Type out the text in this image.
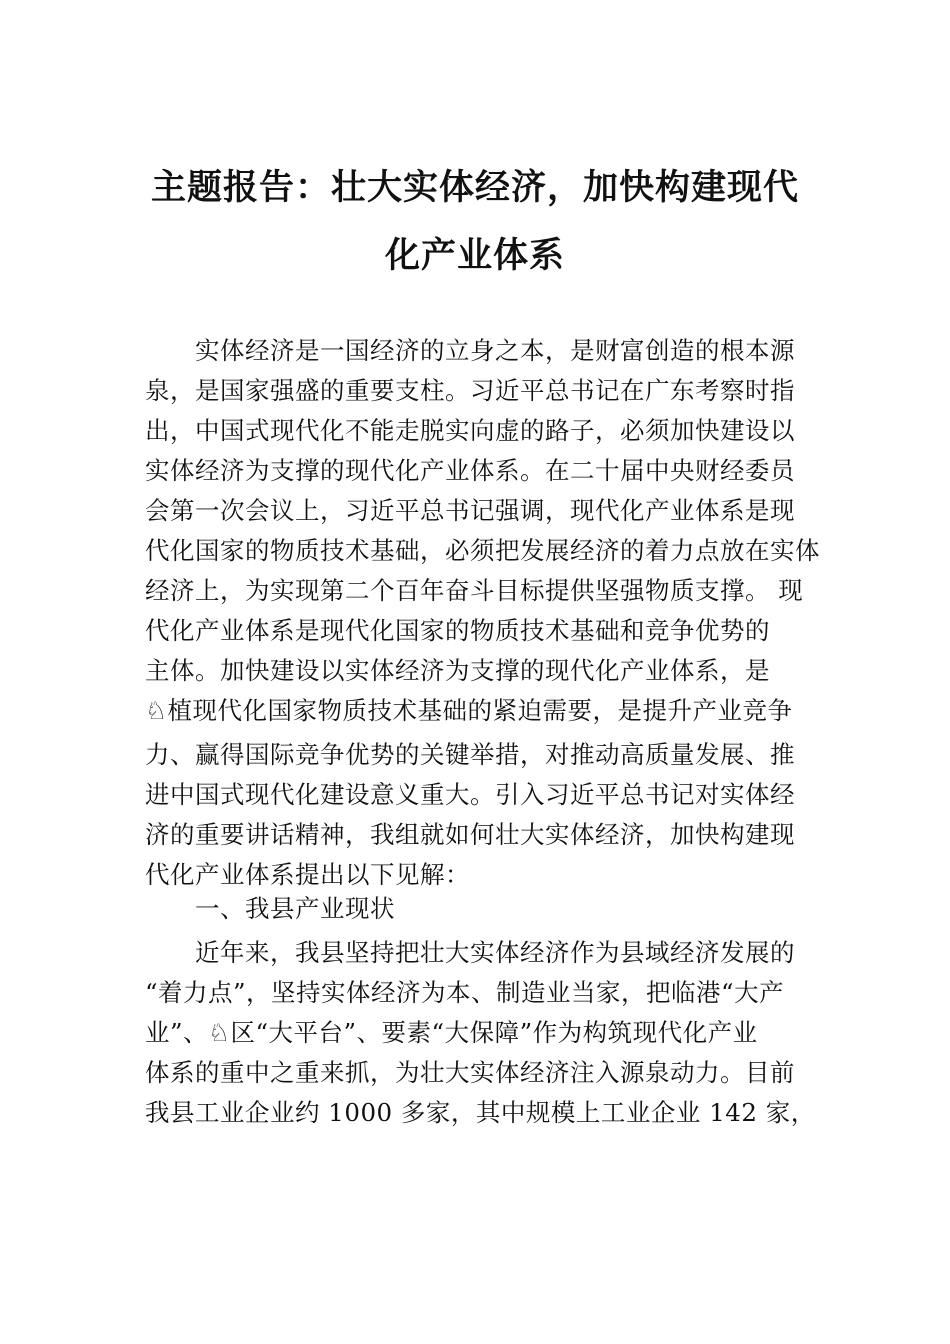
主题报告：壮大实体经济，加快构建现代
化产业体系
实体经济是一国经济的立身之本，是财富创造的根本源
泉，是国家强盛的重要支柱。习近平总书记在广东考察时指
出，中国式现代化不能走脱实向虚的路子，必须加快建设以
实体经济为支撑的现代化产业体系。在二十届中央财经委员
会第一次会议上，习近平总书记强调，现代化产业体系是现
代化国家的物质技术基础，必须把发展经济的着力点放在实体
经济上，为实现第二个百年奋斗目标提供坚强物质支撑。 现
代化产业体系是现代化国家的物质技术基础和竞争优势的
主体。加快建设以实体经济为支撑的现代化产业体系，是
♘植现代化国家物质技术基础的紧迫需要，是提升产业竞争
力、赢得国际竞争优势的关键举措，对推动高质量发展、推
进中国式现代化建设意义重大。引入习近平总书记对实体经
济的重要讲话精神，我组就如何壮大实体经济，加快构建现
代化产业体系提出以下见解：
一、我县产业现状
近年来，我县坚持把壮大实体经济作为县域经济发展的
“着力点”，坚持实体经济为本、制造业当家，把临港“大产
业”、♘区“大平台”、要素“大保障”作为构筑现代化产业
体系的重中之重来抓，为壮大实体经济注入源泉动力。目前
我县工业企业约 1000 多家，其中规模上工业企业 142 家，
